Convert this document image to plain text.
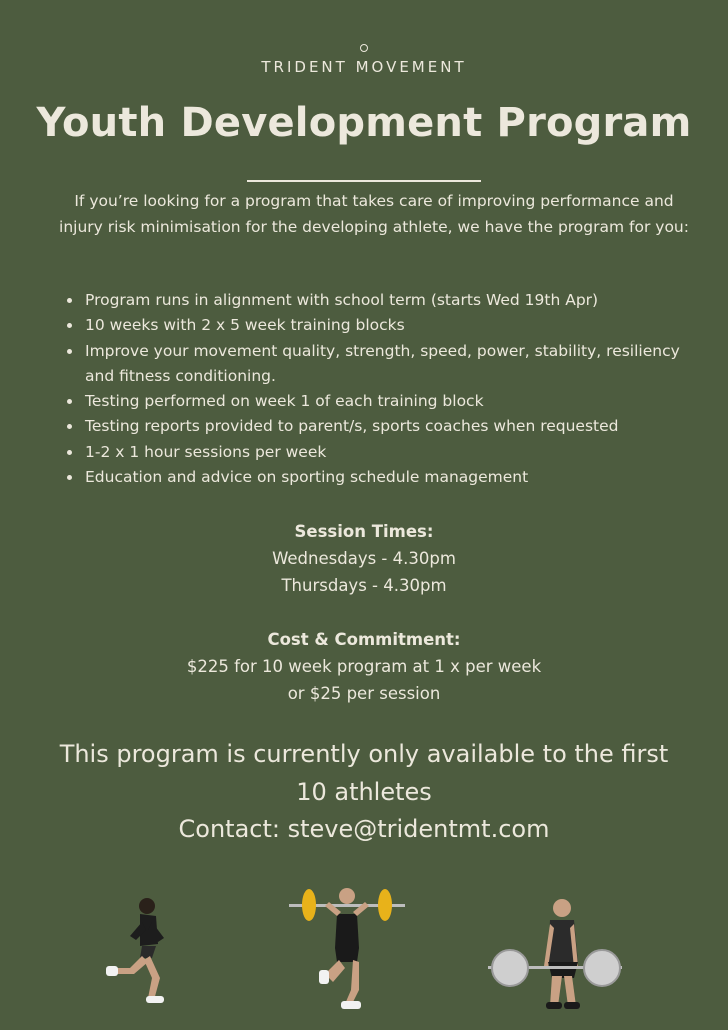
TRIDENT MOVEMENT
Youth Development Program
If you’re looking for a program that takes care of improving performance and injury risk minimisation for the developing athlete, we have the program for you:
Program runs in alignment with school term (starts Wed 19th Apr)
10 weeks with 2 x 5 week training blocks
Improve your movement quality, strength, speed, power, stability, resiliency and fitness conditioning.
Testing performed on week 1 of each training block
Testing reports provided to parent/s, sports coaches when requested
1-2 x 1 hour sessions per week
Education and advice on sporting schedule management
Session Times:
Wednesdays - 4.30pm
Thursdays - 4.30pm
Cost & Commitment:
$225 for 10 week program at 1 x per week
or $25 per session
This program is currently only available to the first
10 athletes
Contact: steve@tridentmt.com
